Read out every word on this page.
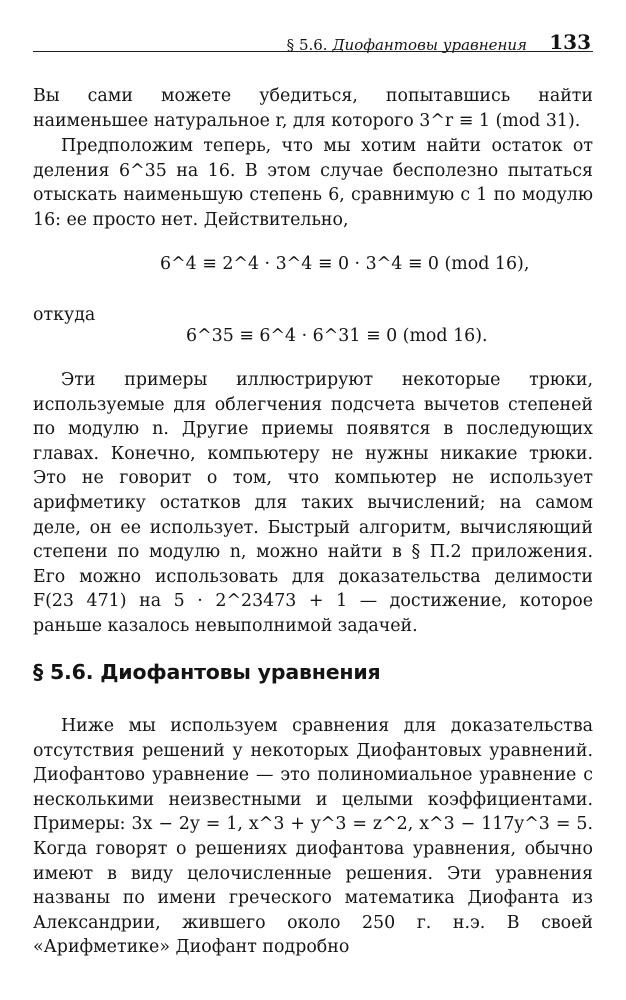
§ 5.6. Диофантовы уравнения 133

Вы сами можете убедиться, попытавшись найти наименьшее натуральное r, для которого 3^r ≡ 1 (mod 31).

Предположим теперь, что мы хотим найти остаток от деления 6^35 на 16. В этом случае бесполезно пытаться отыскать наименьшую степень 6, сравнимую с 1 по модулю 16: ее просто нет. Действительно,

6^4 ≡ 2^4 · 3^4 ≡ 0 · 3^4 ≡ 0 (mod 16),
откуда
6^35 ≡ 6^4 · 6^31 ≡ 0 (mod 16).

Эти примеры иллюстрируют некоторые трюки, используемые для облегчения подсчета вычетов степеней по модулю n. Другие приемы появятся в последующих главах. Конечно, компьютеру не нужны никакие трюки. Это не говорит о том, что компьютер не использует арифметику остатков для таких вычислений; на самом деле, он ее использует. Быстрый алгоритм, вычисляющий степени по модулю n, можно найти в § П.2 приложения. Его можно использовать для доказательства делимости F(23 471) на 5 · 2^23473 + 1 — достижение, которое раньше казалось невыполнимой задачей.

§ 5.6. Диофантовы уравнения

Ниже мы используем сравнения для доказательства отсутствия решений у некоторых Диофантовых уравнений. Диофантово уравнение — это полиномиальное уравнение с несколькими неизвестными и целыми коэффициентами. Примеры: 3x − 2y = 1, x^3 + y^3 = z^2, x^3 − 117y^3 = 5. Когда говорят о решениях диофантова уравнения, обычно имеют в виду целочисленные решения. Эти уравнения названы по имени греческого математика Диофанта из Александрии, жившего около 250 г. н.э. В своей «Арифметике» Диофант подробно
